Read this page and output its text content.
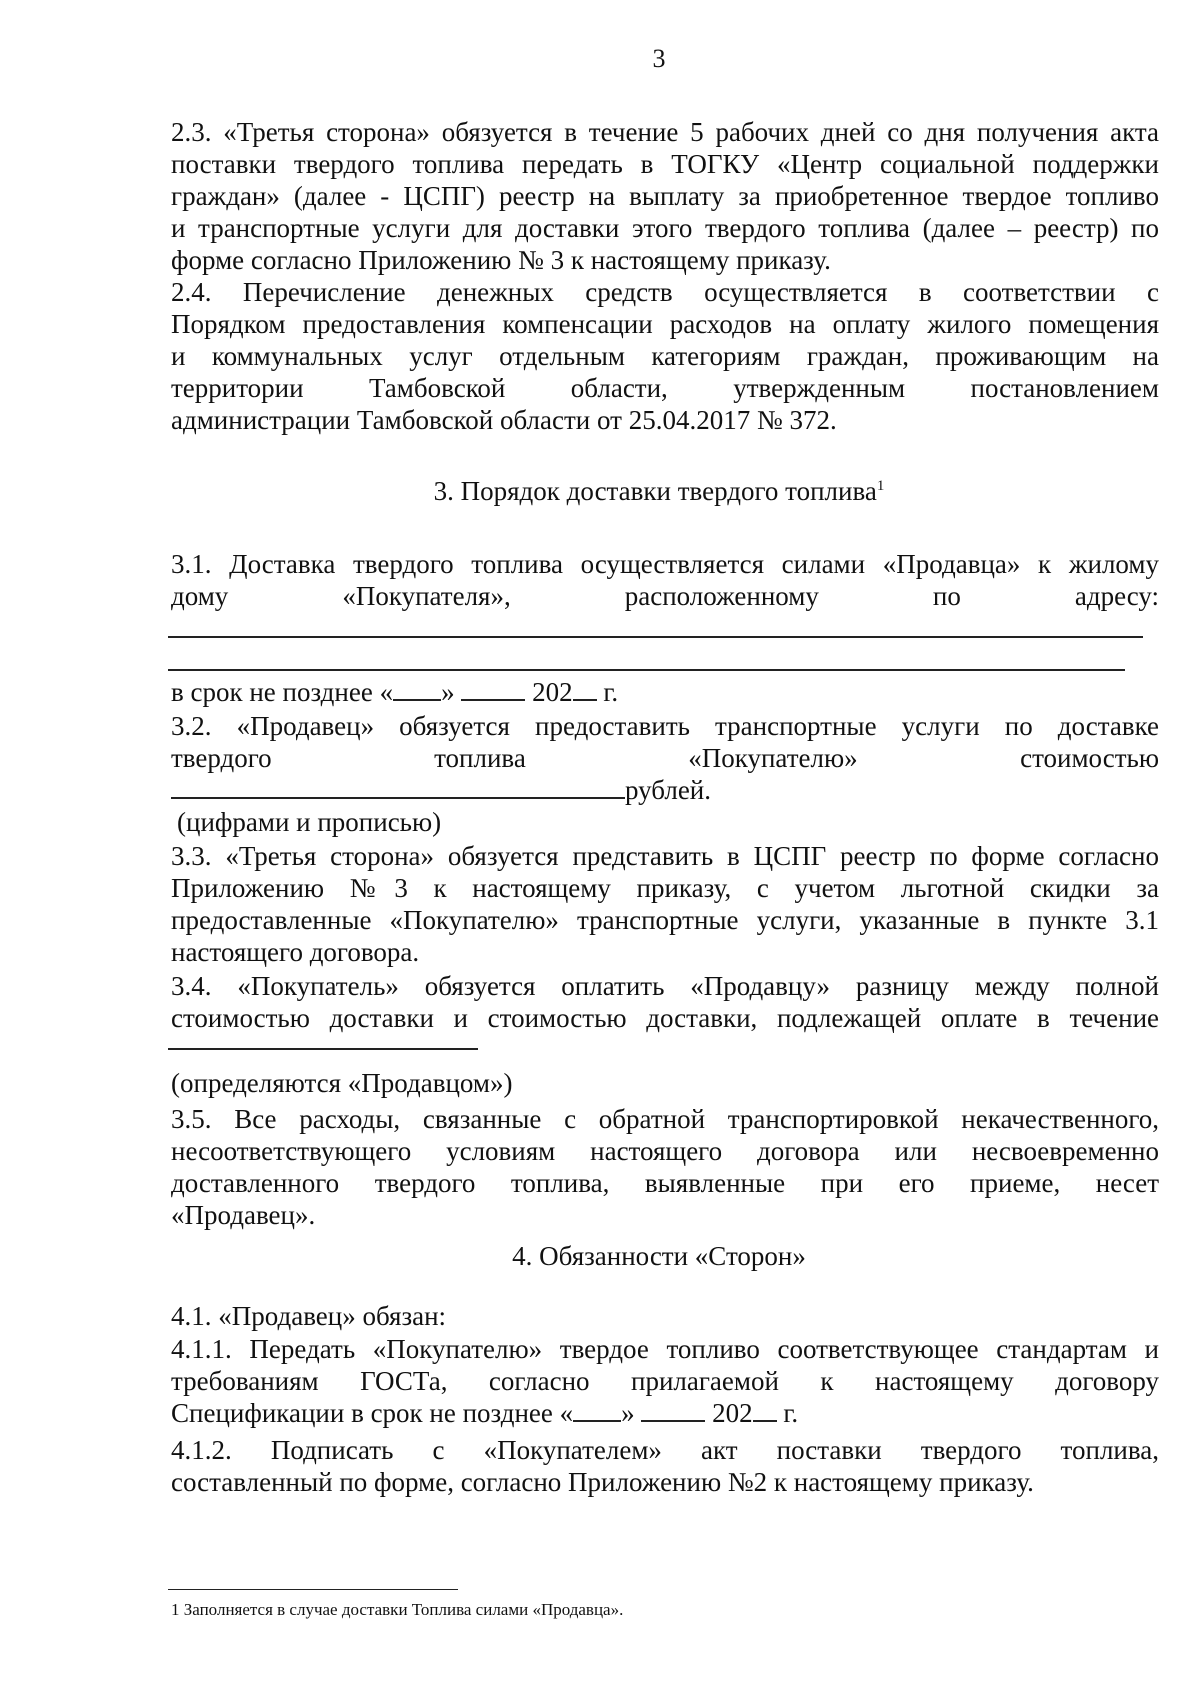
3
2.3. «Третья сторона» обязуется в течение 5 рабочих дней со дня получения акта
поставки твердого топлива передать в ТОГКУ «Центр социальной поддержки
граждан» (далее - ЦСПГ) реестр на выплату за приобретенное твердое топливо
и транспортные услуги для доставки этого твердого топлива (далее – реестр) по
форме согласно Приложению № 3 к настоящему приказу.
2.4. Перечисление денежных средств осуществляется в соответствии с
Порядком предоставления компенсации расходов на оплату жилого помещения
и коммунальных услуг отдельным категориям граждан, проживающим на
территории Тамбовской области, утвержденным постановлением
администрации Тамбовской области от 25.04.2017 № 372.
3. Порядок доставки твердого топлива$^1$
3.1. Доставка твердого топлива осуществляется силами «Продавца» к жилому
дому «Покупателя», расположенному по адресу:
в срок не позднее « »	202 г.
3.2. «Продавец» обязуется предоставить транспортные услуги по доставке
твердого топлива «Покупателю» стоимостью
рублей.
(цифрами и прописью)
3.3. «Третья сторона» обязуется представить в ЦСПГ реестр по форме согласно
Приложению №3 к настоящему приказу, с учетом льготной скидки за
предоставленные «Покупателю» транспортные услуги, указанные в пункте 3.1
настоящего договора.
3.4. «Покупатель» обязуется оплатить «Продавцу» разницу между полной
стоимостью доставки и стоимостью доставки, подлежащей оплате в течение
(определяются «Продавцом»)
3.5. Все расходы, связанные с обратной транспортировкой некачественного,
несоответствующего условиям настоящего договора или несвоевременно
доставленного твердого топлива, выявленные при его приеме, несет
«Продавец».
4. Обязанности «Сторон»
4.1. «Продавец» обязан:
4.1.1. Передать «Покупателю» твердое топливо соответствующее стандартам и
требованиям ГОСТа, согласно прилагаемой к настоящему договору
Спецификации в срок не позднее « »	202 г.
4.1.2. Подписать с «Покупателем» акт поставки твердого топлива,
составленный по форме, согласно Приложению №2 к настоящему приказу.
1 Заполняется в случае доставки Топлива силами «Продавца».
